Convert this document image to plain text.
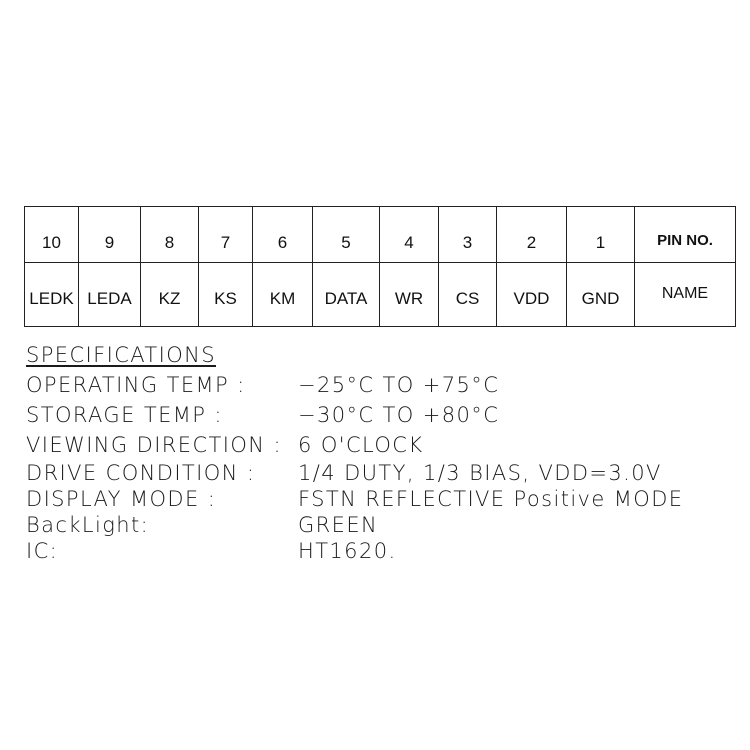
10	9	8	7	6	5	4	3	2	1	PIN NO.
LEDK	LEDA	KZ	KS	KM	DATA	WR	CS	VDD	GND	NAME
SPECIFICATIONS
OPERATING TEMP : −25°C TO +75°C
STORAGE TEMP :	−30°C TO +80°C
VIEWING DIRECTION : 6 O'CLOCK
DRIVE CONDITION : 1/4 DUTY, 1/3 BIAS, VDD=3.0V
DISPLAY MODE :	FSTN REFLECTIVE Positive MODE
BackLight:	GREEN
IC:	HT1620.
